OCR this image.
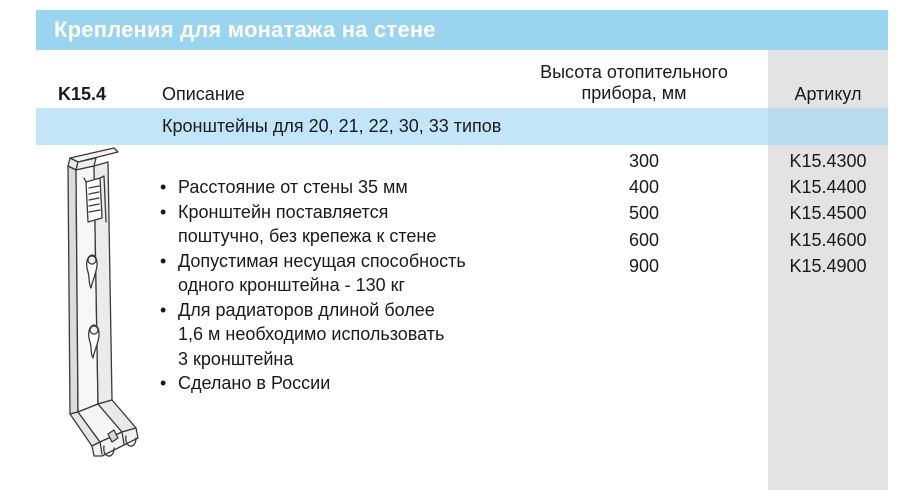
Крепления для монатажа на стене
K15.4	Описание
Высота отопительного
прибора, мм	Артикул
Кронштейны для 20, 21, 22, 30, 33 типов
• Расстояние от стены 35 мм
• Кронштейн поставляется
поштучно, без крепежа к стене
• Допустимая несущая способность
одного кронштейна - 130 кг
• Для радиаторов длиной более
1,6 м необходимо использовать
3 кронштейна
• Сделано в России
300
400
500
600
900
K15.4300
K15.4400
K15.4500
K15.4600
K15.4900
